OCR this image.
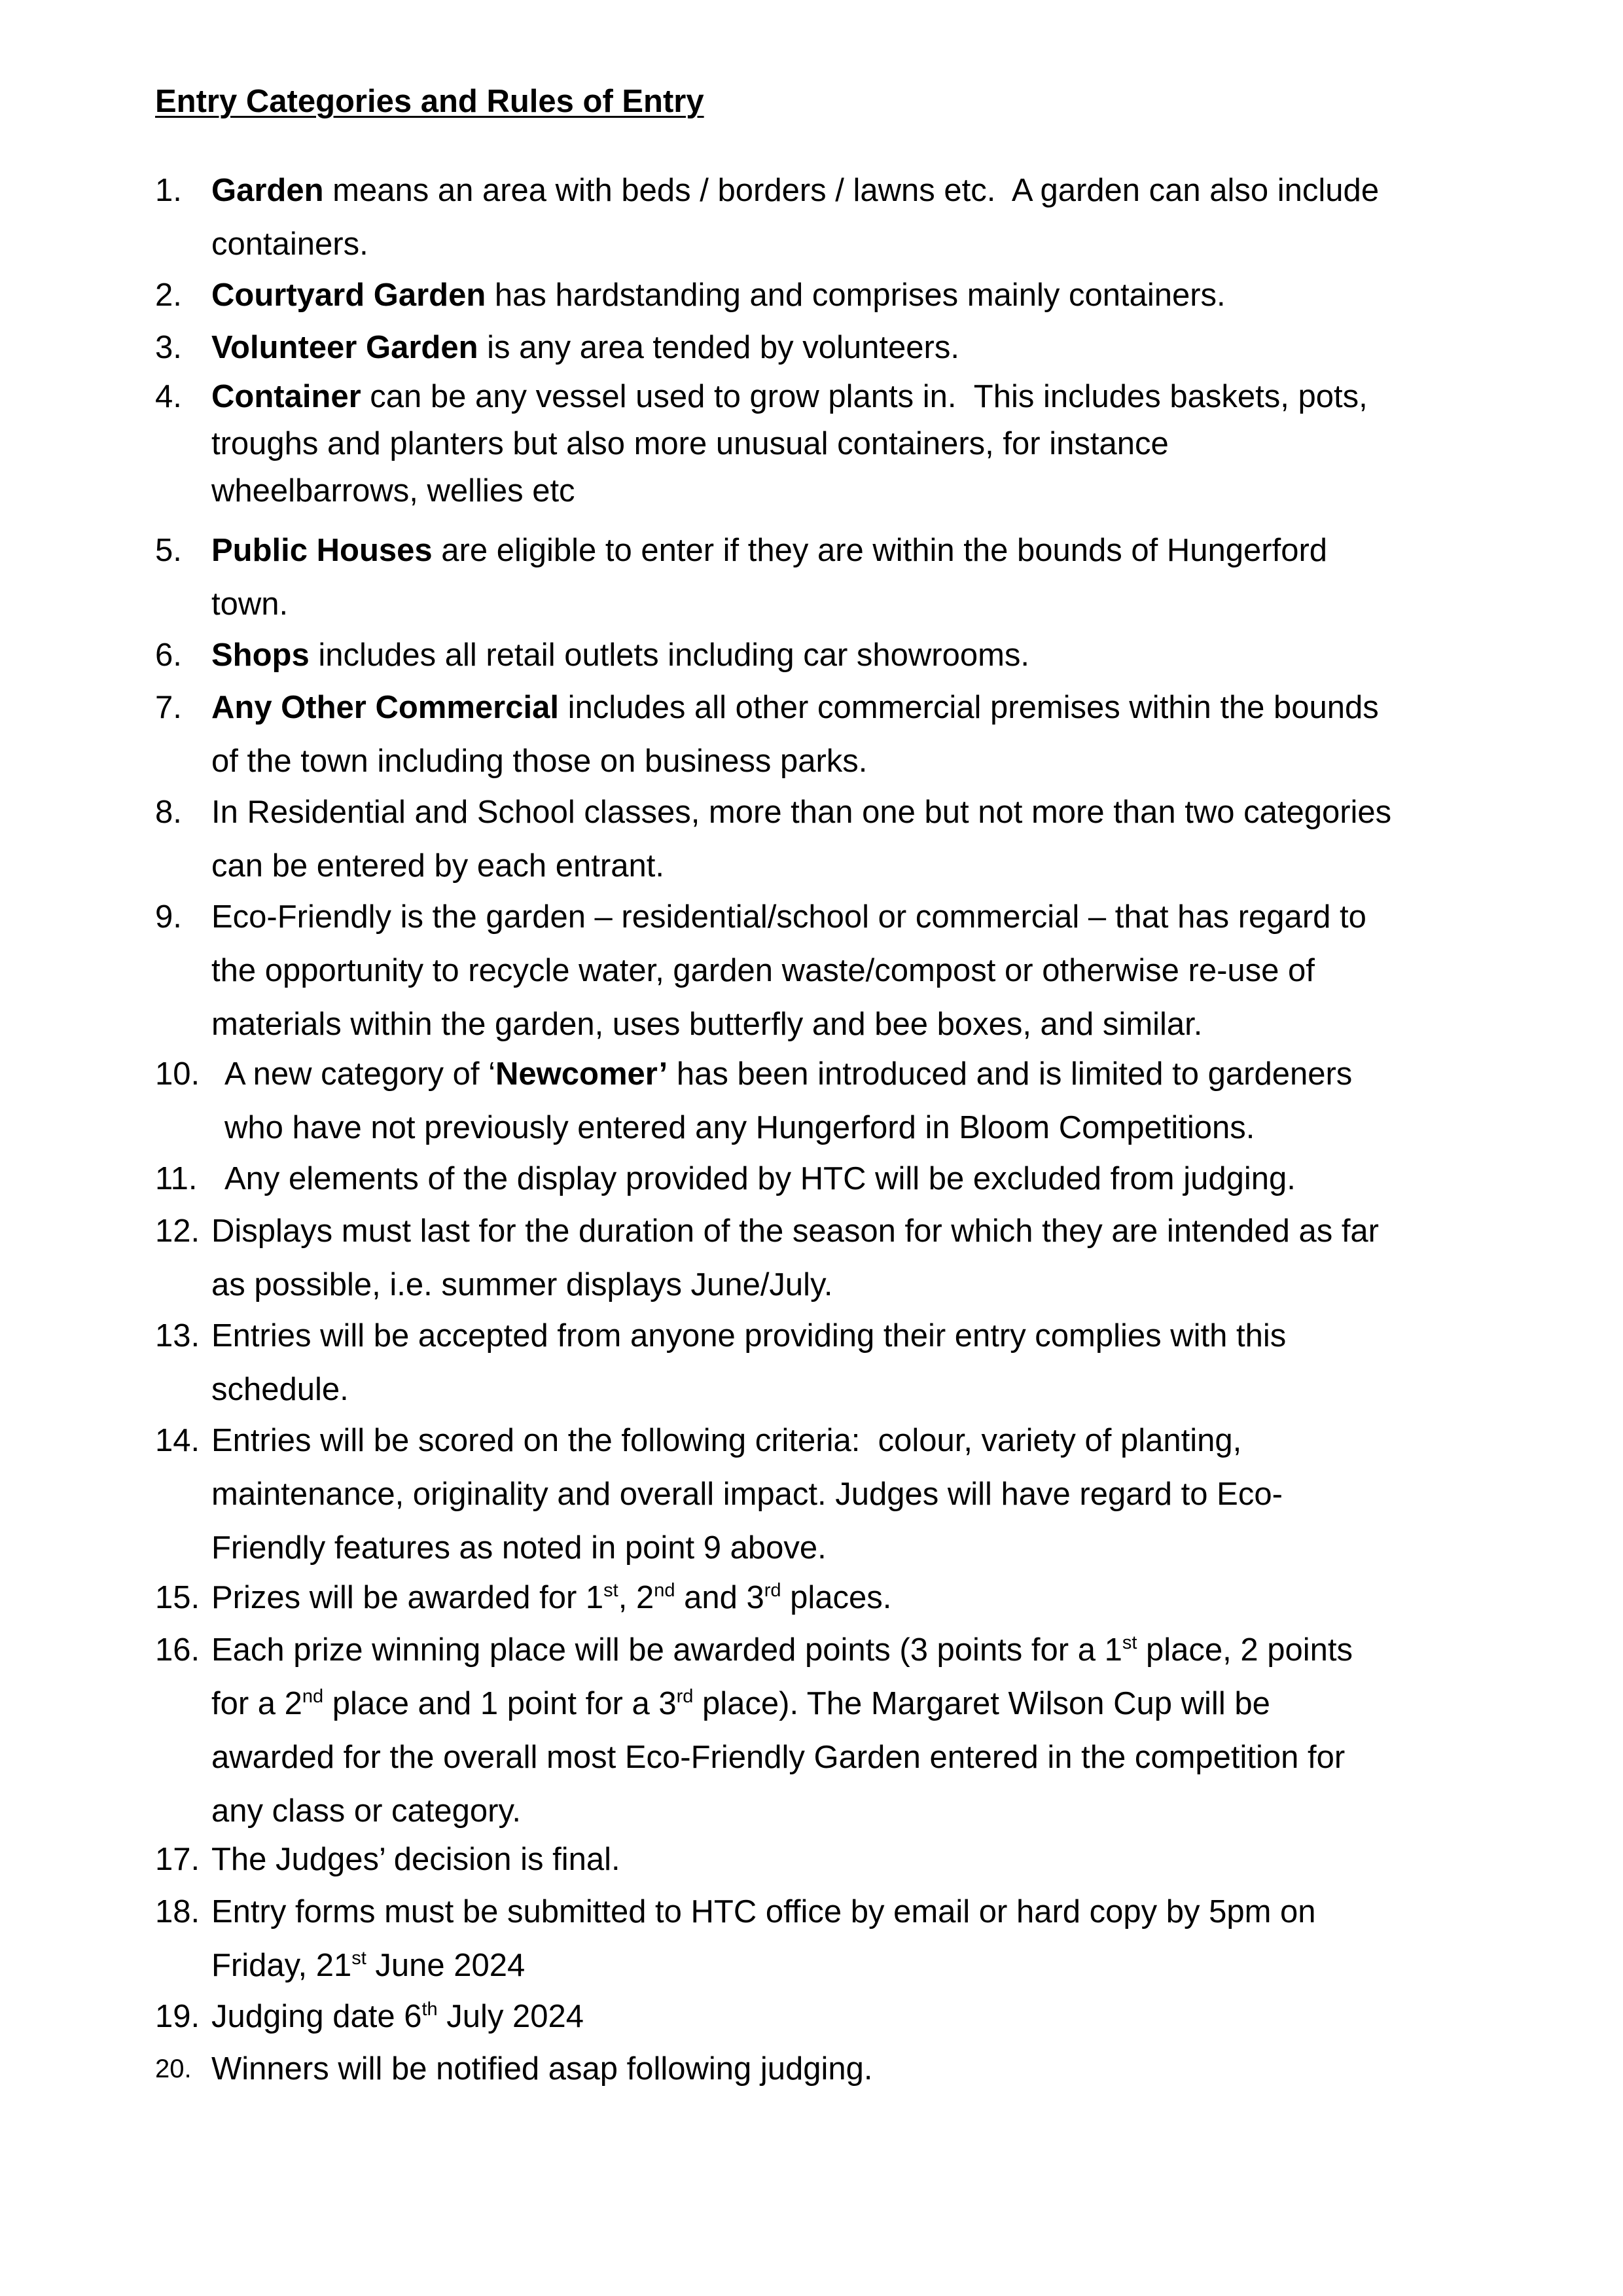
Entry Categories and Rules of Entry
1. Garden means an area with beds / borders / lawns etc.  A garden can also include
containers.
2. Courtyard Garden has hardstanding and comprises mainly containers.
3. Volunteer Garden is any area tended by volunteers.
4. Container can be any vessel used to grow plants in.  This includes baskets, pots,
troughs and planters but also more unusual containers, for instance
wheelbarrows, wellies etc
5. Public Houses are eligible to enter if they are within the bounds of Hungerford
town.
6. Shops includes all retail outlets including car showrooms.
7. Any Other Commercial includes all other commercial premises within the bounds
of the town including those on business parks.
8. In Residential and School classes, more than one but not more than two categories
can be entered by each entrant.
9. Eco-Friendly is the garden – residential/school or commercial – that has regard to
the opportunity to recycle water, garden waste/compost or otherwise re-use of
materials within the garden, uses butterfly and bee boxes, and similar.
10. A new category of ‘Newcomer’ has been introduced and is limited to gardeners
who have not previously entered any Hungerford in Bloom Competitions.
11. Any elements of the display provided by HTC will be excluded from judging.
12. Displays must last for the duration of the season for which they are intended as far
as possible, i.e. summer displays June/July.
13. Entries will be accepted from anyone providing their entry complies with this
schedule.
14. Entries will be scored on the following criteria:  colour, variety of planting,
maintenance, originality and overall impact. Judges will have regard to Eco-
Friendly features as noted in point 9 above.
15. Prizes will be awarded for 1st, 2nd and 3rd places.
16. Each prize winning place will be awarded points (3 points for a 1st place, 2 points
for a 2nd place and 1 point for a 3rd place). The Margaret Wilson Cup will be
awarded for the overall most Eco-Friendly Garden entered in the competition for
any class or category.
17. The Judges’ decision is final.
18. Entry forms must be submitted to HTC office by email or hard copy by 5pm on
Friday, 21st June 2024
19. Judging date 6th July 2024
20. Winners will be notified asap following judging.
